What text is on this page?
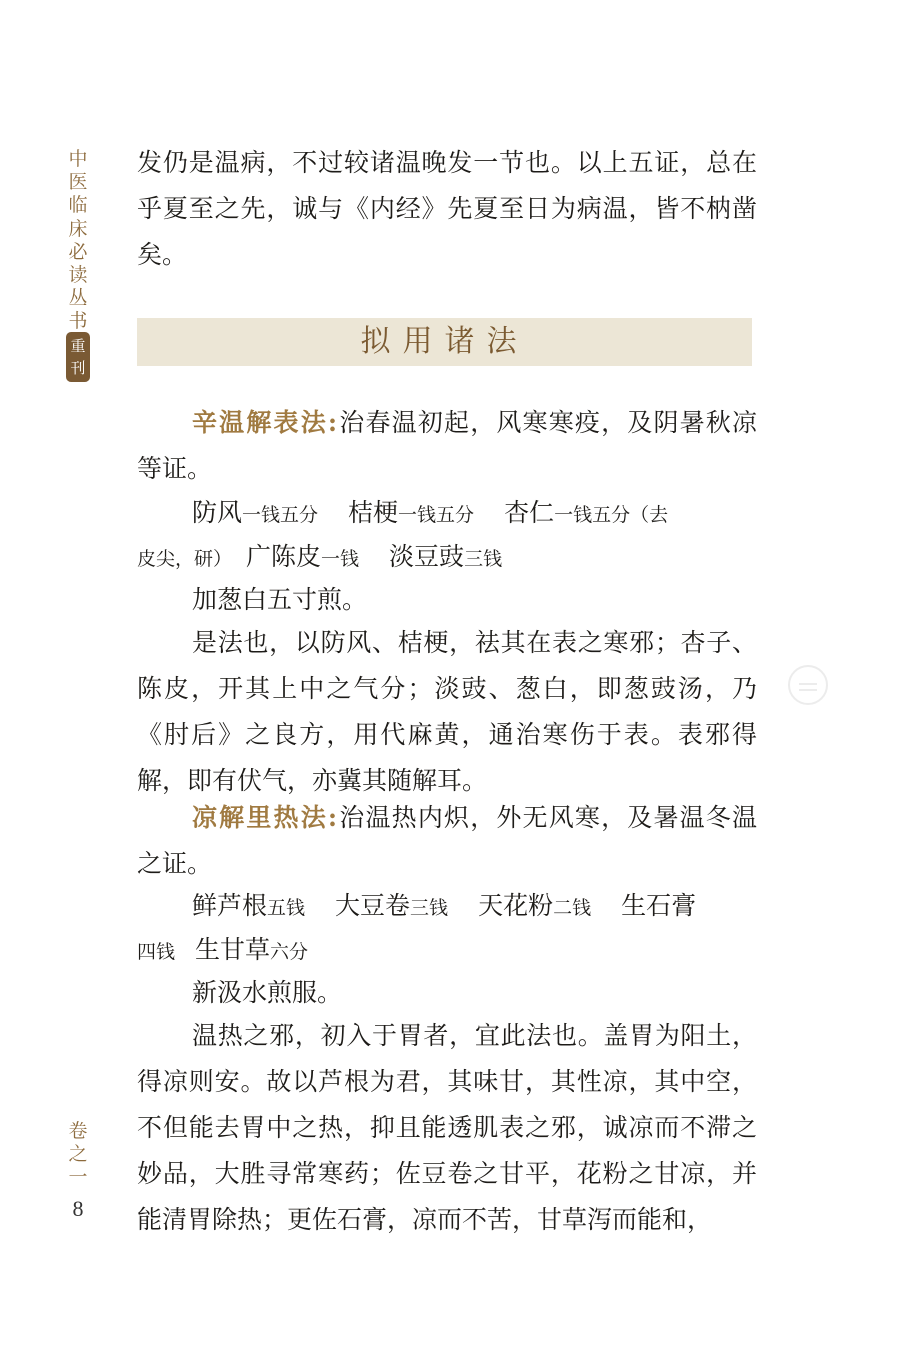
中
医
临
床
必
读
丛
书
重
刊
卷
之
一
8

发仍是温病，不过较诸温晚发一节也。以上五证，总在乎夏至之先，诚与《内经》先夏至日为病温，皆不枘凿矣。

拟用诸法

辛温解表法:治春温初起，风寒寒疫，及阴暑秋凉等证。

防风一钱五分 桔梗一钱五分 杏仁一钱五分（去
皮尖，研） 广陈皮一钱 淡豆豉三钱
加葱白五寸煎。

是法也，以防风、桔梗，祛其在表之寒邪；杏子、陈皮，开其上中之气分；淡豉、葱白，即葱豉汤，乃《肘后》之良方，用代麻黄，通治寒伤于表。表邪得解，即有伏气，亦冀其随解耳。

凉解里热法:治温热内炽，外无风寒，及暑温冬温之证。

鲜芦根五钱 大豆卷三钱 天花粉二钱 生石膏
四钱 生甘草六分
新汲水煎服。

温热之邪，初入于胃者，宜此法也。盖胃为阳土，得凉则安。故以芦根为君，其味甘，其性凉，其中空，不但能去胃中之热，抑且能透肌表之邪，诚凉而不滞之妙品，大胜寻常寒药；佐豆卷之甘平，花粉之甘凉，并能清胃除热；更佐石膏，凉而不苦，甘草泻而能和，
